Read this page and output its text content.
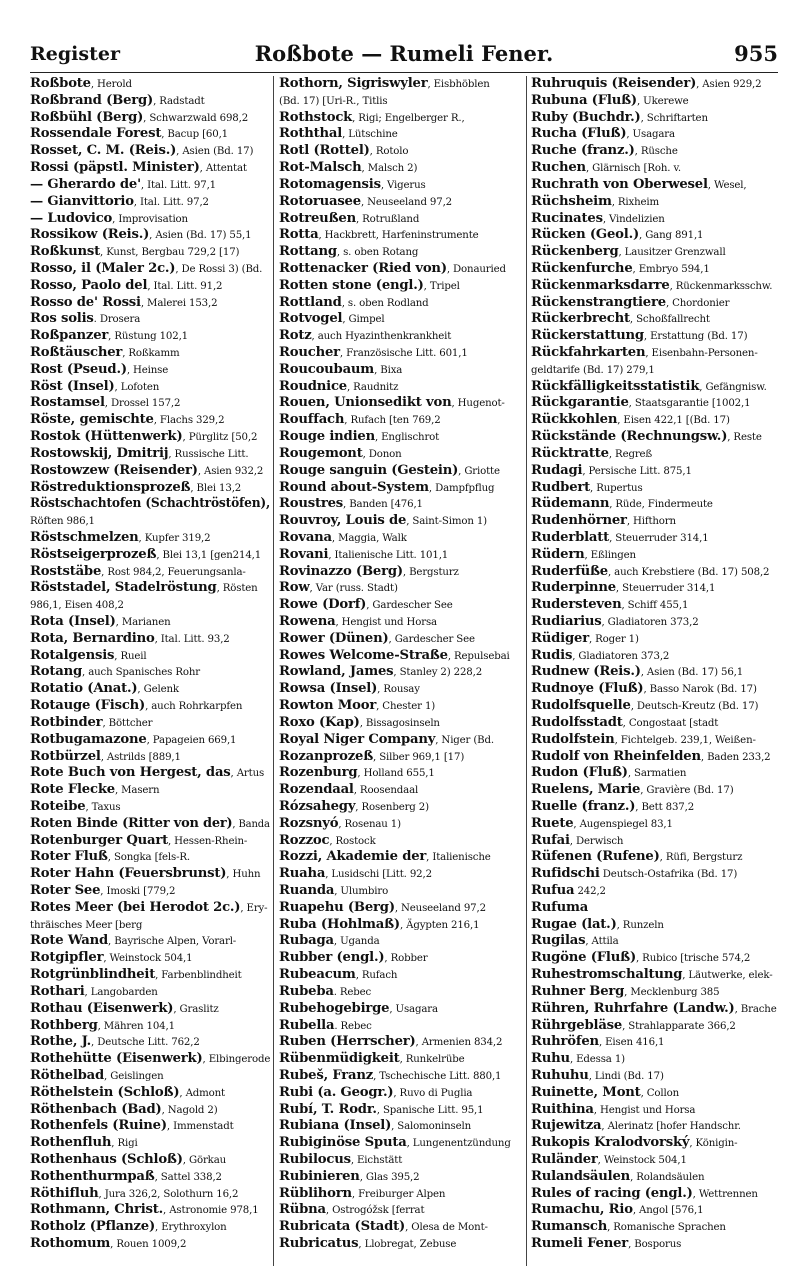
Register	Roßbote — Rumeli Fener.	955
Roßbote, Herold
Roßbrand (Berg), Radstadt
Roßbühl (Berg), Schwarzwald 698,2
Rossendale Forest, Bacup [60,1
Rosset, C. M. (Reis.), Asien (Bd. 17)
Rossi (päpstl. Minister), Attentat
— Gherardo de', Ital. Litt. 97,1
— Gianvittorio, Ital. Litt. 97,2
— Ludovico, Improvisation
Rossikow (Reis.), Asien (Bd. 17) 55,1
Roßkunst, Kunst, Bergbau 729,2 [17)
Rosso, il (Maler 2c.), De Rossi 3) (Bd.
Rosso, Paolo del, Ital. Litt. 91,2
Rosso de' Rossi, Malerei 153,2
Ros solis. Drosera
Roßpanzer, Rüstung 102,1
Roßtäuscher, Roßkamm
Rost (Pseud.), Heinse
Röst (Insel), Lofoten
Rostamsel, Drossel 157,2
Röste, gemischte, Flachs 329,2
Rostok (Hüttenwerk), Pürglitz [50,2
Rostowskij, Dmitrij, Russische Litt.
Rostowzew (Reisender), Asien 932,2
Röstreduktionsprozeß, Blei 13,2
Röstschachtofen (Schachtröstöfen),
Röften 986,1
Röstschmelzen, Kupfer 319,2
Röstseigerprozeß, Blei 13,1 [gen214,1
Roststäbe, Rost 984,2, Feuerungsanla-
Röststadel, Stadelröstung, Rösten
986,1, Eisen 408,2
Rota (Insel), Marianen
Rota, Bernardino, Ital. Litt. 93,2
Rotalgensis, Rueil
Rotang, auch Spanisches Rohr
Rotatio (Anat.), Gelenk
Rotauge (Fisch), auch Rohrkarpfen
Rotbinder, Böttcher
Rotbugamazone, Papageien 669,1
Rotbürzel, Astrilds [889,1
Rote Buch von Hergest, das, Artus
Rote Flecke, Masern
Roteibe, Taxus
Roten Binde (Ritter von der), Banda
Rotenburger Quart, Hessen-Rhein-
Roter Fluß, Songka [fels-R.
Roter Hahn (Feuersbrunst), Huhn
Roter See, Imoski [779,2
Rotes Meer (bei Herodot 2c.), Ery-
thräisches Meer [berg
Rote Wand, Bayrische Alpen, Vorarl-
Rotgipfler, Weinstock 504,1
Rotgrünblindheit, Farbenblindheit
Rothari, Langobarden
Rothau (Eisenwerk), Graslitz
Rothberg, Mähren 104,1
Rothe, J., Deutsche Litt. 762,2
Rothehütte (Eisenwerk), Elbingerode
Röthelbad, Geislingen
Röthelstein (Schloß), Admont
Röthenbach (Bad), Nagold 2)
Rothenfels (Ruine), Immenstadt
Rothenfluh, Rigi
Rothenhaus (Schloß), Görkau
Rothenthurmpaß, Sattel 338,2
Röthifluh, Jura 326,2, Solothurn 16,2
Rothmann, Christ., Astronomie 978,1
Rotholz (Pflanze), Erythroxylon
Rothomum, Rouen 1009,2
Rothorn, Sigriswyler, Eisbhöblen
(Bd. 17) [Uri-R., Titlis
Rothstock, Rigi; Engelberger R.,
Roththal, Lütschine
Rotl (Rottel), Rotolo
Rot-Malsch, Malsch 2)
Rotomagensis, Vigerus
Rotoruasee, Neuseeland 97,2
Rotreußen, Rotrußland
Rotta, Hackbrett, Harfeninstrumente
Rottang, s. oben Rotang
Rottenacker (Ried von), Donauried
Rotten stone (engl.), Tripel
Rottland, s. oben Rodland
Rotvogel, Gimpel
Rotz, auch Hyazinthenkrankheit
Roucher, Französische Litt. 601,1
Roucoubaum, Bixa
Roudnice, Raudnitz
Rouen, Unionsedikt von, Hugenot-
Rouffach, Rufach [ten 769,2
Rouge indien, Englischrot
Rougemont, Donon
Rouge sanguin (Gestein), Griotte
Round about-System, Dampfpflug
Roustres, Banden [476,1
Rouvroy, Louis de, Saint-Simon 1)
Rovana, Maggia, Walk
Rovani, Italienische Litt. 101,1
Rovinazzo (Berg), Bergsturz
Row, Var (russ. Stadt)
Rowe (Dorf), Gardescher See
Rowena, Hengist und Horsa
Rower (Dünen), Gardescher See
Rowes Welcome-Straße, Repulsebai
Rowland, James, Stanley 2) 228,2
Rowsa (Insel), Rousay
Rowton Moor, Chester 1)
Roxo (Kap), Bissagosinseln
Royal Niger Company, Niger (Bd.
Rozanprozeß, Silber 969,1 [17)
Rozenburg, Holland 655,1
Rozendaal, Roosendaal
Rózsahegy, Rosenberg 2)
Rozsnyó, Rosenau 1)
Rozzoc, Rostock
Rozzi, Akademie der, Italienische
Ruaha, Lusidschi [Litt. 92,2
Ruanda, Ulumbiro
Ruapehu (Berg), Neuseeland 97,2
Ruba (Hohlmaß), Ägypten 216,1
Rubaga, Uganda
Rubber (engl.), Robber
Rubeacum, Rufach
Rubeba. Rebec
Rubehogebirge, Usagara
Rubella. Rebec
Ruben (Herrscher), Armenien 834,2
Rübenmüdigkeit, Runkelrübe
Rubeš, Franz, Tschechische Litt. 880,1
Rubi (a. Geogr.), Ruvo di Puglia
Rubí, T. Rodr., Spanische Litt. 95,1
Rubiana (Insel), Salomoninseln
Rubiginöse Sputa, Lungenentzündung
Rubilocus, Eichstätt
Rubinieren, Glas 395,2
Rüblihorn, Freiburger Alpen
Rübna, Ostrogóžsk [ferrat
Rubricata (Stadt), Olesa de Mont-
Rubricatus, Llobregat, Zebuse
Ruhruquis (Reisender), Asien 929,2
Rubuna (Fluß), Ukerewe
Ruby (Buchdr.), Schriftarten
Rucha (Fluß), Usagara
Ruche (franz.), Rüsche
Ruchen, Glärnisch [Roh. v.
Ruchrath von Oberwesel, Wesel,
Rüchsheim, Rixheim
Rucinates, Vindelizien
Rücken (Geol.), Gang 891,1
Rückenberg, Lausitzer Grenzwall
Rückenfurche, Embryo 594,1
Rückenmarksdarre, Rückenmarksschw.
Rückenstrangtiere, Chordonier
Rückerbrecht, Schoßfallrecht
Rückerstattung, Erstattung (Bd. 17)
Rückfahrkarten, Eisenbahn-Personen-
geldtarife (Bd. 17) 279,1
Rückfälligkeitsstatistik, Gefängnisw.
Rückgarantie, Staatsgarantie [1002,1
Rückkohlen, Eisen 422,1 [(Bd. 17)
Rückstände (Rechnungsw.), Reste
Rücktratte, Regreß
Rudagi, Persische Litt. 875,1
Rudbert, Rupertus
Rüdemann, Rüde, Findermeute
Rudenhörner, Hifthorn
Ruderblatt, Steuerruder 314,1
Rüdern, Eßlingen
Ruderfüße, auch Krebstiere (Bd. 17) 508,2
Ruderpinne, Steuerruder 314,1
Rudersteven, Schiff 455,1
Rudiarius, Gladiatoren 373,2
Rüdiger, Roger 1)
Rudis, Gladiatoren 373,2
Rudnew (Reis.), Asien (Bd. 17) 56,1
Rudnoye (Fluß), Basso Narok (Bd. 17)
Rudolfsquelle, Deutsch-Kreutz (Bd. 17)
Rudolfsstadt, Congostaat [stadt
Rudolfstein, Fichtelgeb. 239,1, Weißen-
Rudolf von Rheinfelden, Baden 233,2
Rudon (Fluß), Sarmatien
Ruelens, Marie, Gravière (Bd. 17)
Ruelle (franz.), Bett 837,2
Ruete, Augenspiegel 83,1
Rufai, Derwisch
Rüfenen (Rufene), Rüfi, Bergsturz
Rufidschi Deutsch-Ostafrika (Bd. 17)
Rufua 242,2
Rufuma
Rugae (lat.), Runzeln
Rugilas, Attila
Rugöne (Fluß), Rubico [trische 574,2
Ruhestromschaltung, Läutwerke, elek-
Ruhner Berg, Mecklenburg 385
Rühren, Ruhrfahre (Landw.), Brache
Rührgebläse, Strahlapparate 366,2
Ruhröfen, Eisen 416,1
Ruhu, Edessa 1)
Ruhuhu, Lindi (Bd. 17)
Ruinette, Mont, Collon
Ruithina, Hengist und Horsa
Rujewitza, Alerinatz [hofer Handschr.
Rukopis Kralodvorský, Königin-
Ruländer, Weinstock 504,1
Rulandsäulen, Rolandsäulen
Rules of racing (engl.), Wettrennen
Rumachu, Rio, Angol [576,1
Rumansch, Romanische Sprachen
Rumeli Fener, Bosporus
